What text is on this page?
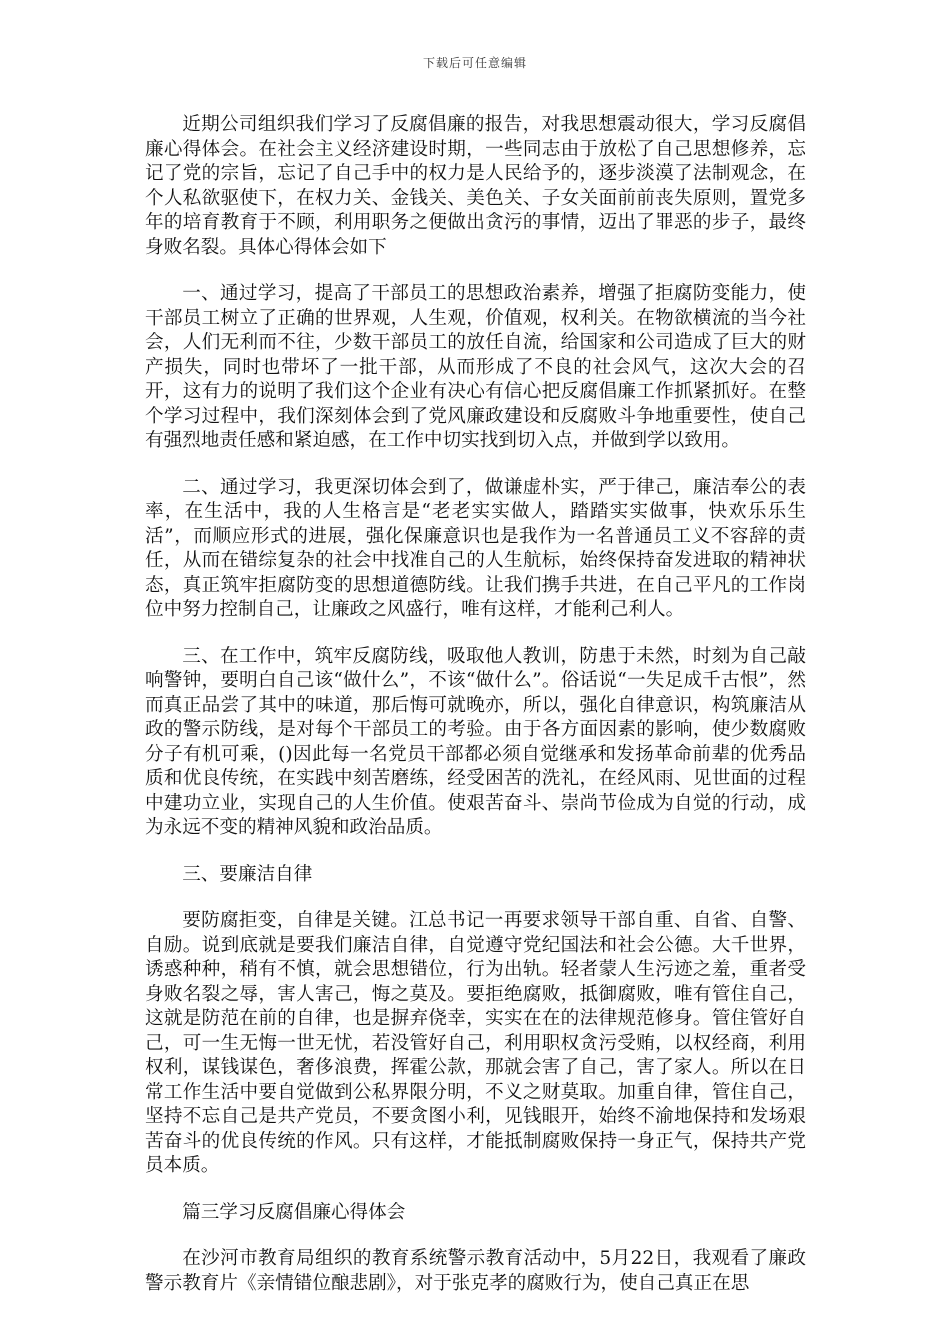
下载后可任意编辑

近期公司组织我们学习了反腐倡廉的报告，对我思想震动很大，学习反腐倡廉心得体会。在社会主义经济建设时期，一些同志由于放松了自己思想修养，忘记了党的宗旨，忘记了自己手中的权力是人民给予的，逐步淡漠了法制观念，在个人私欲驱使下，在权力关、金钱关、美色关、子女关面前前丧失原则，置党多年的培育教育于不顾，利用职务之便做出贪污的事情，迈出了罪恶的步子，最终身败名裂。具体心得体会如下

一、通过学习，提高了干部员工的思想政治素养，增强了拒腐防变能力，使干部员工树立了正确的世界观，人生观，价值观，权利关。在物欲横流的当今社会，人们无利而不往，少数干部员工的放任自流，给国家和公司造成了巨大的财产损失，同时也带坏了一批干部，从而形成了不良的社会风气，这次大会的召开，这有力的说明了我们这个企业有决心有信心把反腐倡廉工作抓紧抓好。在整个学习过程中，我们深刻体会到了党风廉政建设和反腐败斗争地重要性，使自己有强烈地责任感和紧迫感，在工作中切实找到切入点，并做到学以致用。

二、通过学习，我更深切体会到了，做谦虚朴实，严于律己，廉洁奉公的表率，在生活中，我的人生格言是“老老实实做人，踏踏实实做事，快欢乐乐生活”，而顺应形式的进展，强化保廉意识也是我作为一名普通员工义不容辞的责任，从而在错综复杂的社会中找准自己的人生航标，始终保持奋发进取的精神状态，真正筑牢拒腐防变的思想道德防线。让我们携手共进，在自己平凡的工作岗位中努力控制自己，让廉政之风盛行，唯有这样，才能利己利人。

三、在工作中，筑牢反腐防线，吸取他人教训，防患于未然，时刻为自己敲响警钟，要明白自己该“做什么”，不该“做什么”。俗话说“一失足成千古恨”，然而真正品尝了其中的味道，那后悔可就晚亦，所以，强化自律意识，构筑廉洁从政的警示防线，是对每个干部员工的考验。由于各方面因素的影响，使少数腐败分子有机可乘，()因此每一名党员干部都必须自觉继承和发扬革命前辈的优秀品质和优良传统，在实践中刻苦磨练，经受困苦的洗礼，在经风雨、见世面的过程中建功立业，实现自己的人生价值。使艰苦奋斗、崇尚节俭成为自觉的行动，成为永远不变的精神风貌和政治品质。

三、要廉洁自律

要防腐拒变，自律是关键。江总书记一再要求领导干部自重、自省、自警、自励。说到底就是要我们廉洁自律，自觉遵守党纪国法和社会公德。大千世界，诱惑种种，稍有不慎，就会思想错位，行为出轨。轻者蒙人生污迹之羞，重者受身败名裂之辱，害人害己，悔之莫及。要拒绝腐败，抵御腐败，唯有管住自己，这就是防范在前的自律，也是摒弃侥幸，实实在在的法律规范修身。管住管好自己，可一生无悔一世无忧，若没管好自己，利用职权贪污受贿，以权经商，利用权利，谋钱谋色，奢侈浪费，挥霍公款，那就会害了自己，害了家人。所以在日常工作生活中要自觉做到公私界限分明，不义之财莫取。加重自律，管住自己，坚持不忘自己是共产党员，不要贪图小利，见钱眼开，始终不渝地保持和发场艰苦奋斗的优良传统的作风。只有这样，才能抵制腐败保持一身正气，保持共产党员本质。

篇三学习反腐倡廉心得体会

在沙河市教育局组织的教育系统警示教育活动中，5月22日，我观看了廉政警示教育片《亲情错位酿悲剧》，对于张克孝的腐败行为，使自己真正在思
